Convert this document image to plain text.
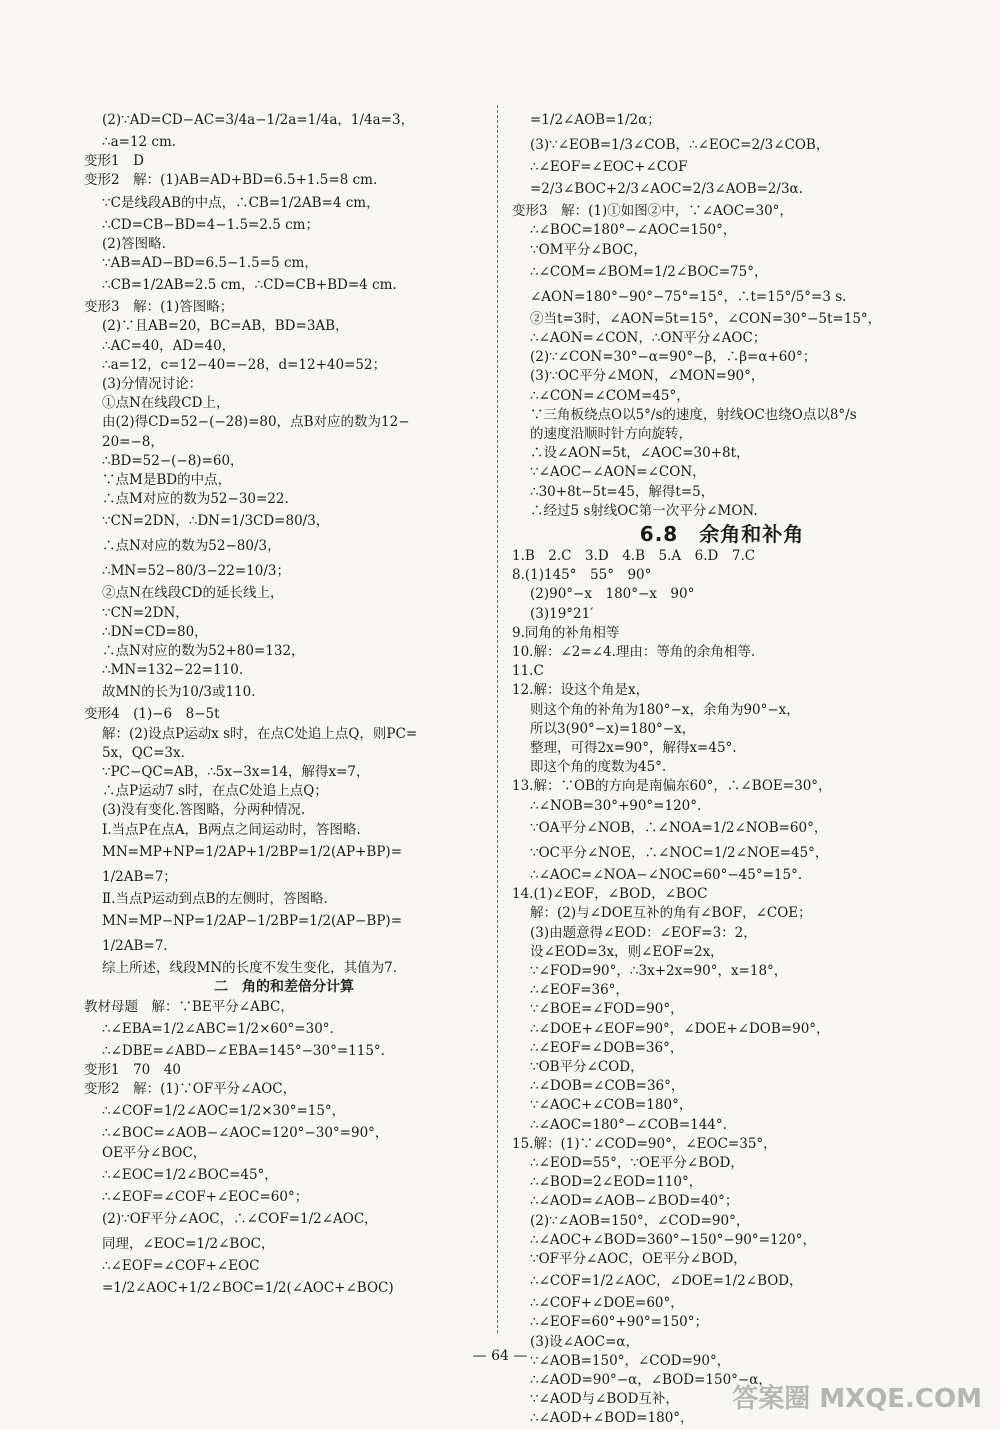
(2)∵AD=CD−AC=3/4a−1/2a=1/4a，1/4a=3，
∴a=12 cm.
变形1　D
变形2　解：(1)AB=AD+BD=6.5+1.5=8 cm.
∵C是线段AB的中点，∴CB=1/2AB=4 cm，
∴CD=CB−BD=4−1.5=2.5 cm；
(2)答图略.
∵AB=AD−BD=6.5−1.5=5 cm，
∴CB=1/2AB=2.5 cm，∴CD=CB+BD=4 cm.
变形3　解：(1)答图略；
(2)∵且AB=20，BC=AB，BD=3AB，
∴AC=40，AD=40，
∴a=12，c=12−40=−28，d=12+40=52；
(3)分情况讨论：
①点N在线段CD上，
由(2)得CD=52−(−28)=80，点B对应的数为12−
20=−8，
∴BD=52−(−8)=60，
∵点M是BD的中点，
∴点M对应的数为52−30=22.
∵CN=2DN，∴DN=1/3CD=80/3，
∴点N对应的数为52−80/3，
∴MN=52−80/3−22=10/3；
②点N在线段CD的延长线上，
∵CN=2DN，
∴DN=CD=80，
∴点N对应的数为52+80=132，
∴MN=132−22=110.
故MN的长为10/3或110.
变形4　(1)−6　8−5t
解：(2)设点P运动x s时，在点C处追上点Q，则PC=
5x，QC=3x.
∵PC−QC=AB，∴5x−3x=14，解得x=7，
∴点P运动7 s时，在点C处追上点Q；
(3)没有变化.答图略，分两种情况.
Ⅰ.当点P在点A，B两点之间运动时，答图略.
MN=MP+NP=1/2AP+1/2BP=1/2(AP+BP)=
1/2AB=7；
Ⅱ.当点P运动到点B的左侧时，答图略.
MN=MP−NP=1/2AP−1/2BP=1/2(AP−BP)=
1/2AB=7.
综上所述，线段MN的长度不发生变化，其值为7.
二　角的和差倍分计算
教材母题　解：∵BE平分∠ABC，
∴∠EBA=1/2∠ABC=1/2×60°=30°.
∴∠DBE=∠ABD−∠EBA=145°−30°=115°.
变形1　70　40
变形2　解：(1)∵OF平分∠AOC，
∴∠COF=1/2∠AOC=1/2×30°=15°，
∴∠BOC=∠AOB−∠AOC=120°−30°=90°，
OE平分∠BOC，
∴∠EOC=1/2∠BOC=45°，
∴∠EOF=∠COF+∠EOC=60°；
(2)∵OF平分∠AOC，∴∠COF=1/2∠AOC，
同理，∠EOC=1/2∠BOC，
∴∠EOF=∠COF+∠EOC
=1/2∠AOC+1/2∠BOC=1/2(∠AOC+∠BOC)
=1/2∠AOB=1/2α；
(3)∵∠EOB=1/3∠COB，∴∠EOC=2/3∠COB，
∴∠EOF=∠EOC+∠COF
=2/3∠BOC+2/3∠AOC=2/3∠AOB=2/3α.
变形3　解：(1)①如图②中，∵∠AOC=30°，
∴∠BOC=180°−∠AOC=150°，
∵OM平分∠BOC，
∴∠COM=∠BOM=1/2∠BOC=75°，
∠AON=180°−90°−75°=15°，∴t=15°/5°=3 s.
②当t=3时，∠AON=5t=15°，∠CON=30°−5t=15°，
∴∠AON=∠CON，∴ON平分∠AOC；
(2)∵∠CON=30°−α=90°−β，∴β=α+60°；
(3)∵OC平分∠MON，∠MON=90°，
∴∠CON=∠COM=45°，
∵三角板绕点O以5°/s的速度，射线OC也绕O点以8°/s
的速度沿顺时针方向旋转，
∴设∠AON=5t，∠AOC=30+8t，
∵∠AOC−∠AON=∠CON，
∴30+8t−5t=45，解得t=5，
∴经过5 s射线OC第一次平分∠MON.
6.8　余角和补角
1.B　2.C　3.D　4.B　5.A　6.D　7.C
8.(1)145°　55°　90°
(2)90°−x　180°−x　90°
(3)19°21′
9.同角的补角相等
10.解：∠2=∠4.理由：等角的余角相等.
11.C
12.解：设这个角是x，
则这个角的补角为180°−x，余角为90°−x，
所以3(90°−x)=180°−x，
整理，可得2x=90°，解得x=45°.
即这个角的度数为45°.
13.解：∵OB的方向是南偏东60°，∴∠BOE=30°，
∴∠NOB=30°+90°=120°.
∵OA平分∠NOB，∴∠NOA=1/2∠NOB=60°，
∵OC平分∠NOE，∴∠NOC=1/2∠NOE=45°，
∴∠AOC=∠NOA−∠NOC=60°−45°=15°.
14.(1)∠EOF，∠BOD，∠BOC
解：(2)与∠DOE互补的角有∠BOF，∠COE；
(3)由题意得∠EOD：∠EOF=3：2，
设∠EOD=3x，则∠EOF=2x，
∵∠FOD=90°，∴3x+2x=90°，x=18°，
∴∠EOF=36°，
∵∠BOE=∠FOD=90°，
∴∠DOE+∠EOF=90°，∠DOE+∠DOB=90°，
∴∠EOF=∠DOB=36°，
∵OB平分∠COD，
∴∠DOB=∠COB=36°，
∵∠AOC+∠COB=180°，
∴∠AOC=180°−∠COB=144°.
15.解：(1)∵∠COD=90°，∠EOC=35°，
∴∠EOD=55°，∵OE平分∠BOD，
∴∠BOD=2∠EOD=110°，
∴∠AOD=∠AOB−∠BOD=40°；
(2)∵∠AOB=150°，∠COD=90°，
∴∠AOC+∠BOD=360°−150°−90°=120°，
∵OF平分∠AOC，OE平分∠BOD，
∴∠COF=1/2∠AOC，∠DOE=1/2∠BOD，
∴∠COF+∠DOE=60°，
∴∠EOF=60°+90°=150°；
(3)设∠AOC=α，
∵∠AOB=150°，∠COD=90°，
∴∠AOD=90°−α，∠BOD=150°−α，
∵∠AOD与∠BOD互补，
∴∠AOD+∠BOD=180°，
— 64 —
答案圈 MXQE.COM
